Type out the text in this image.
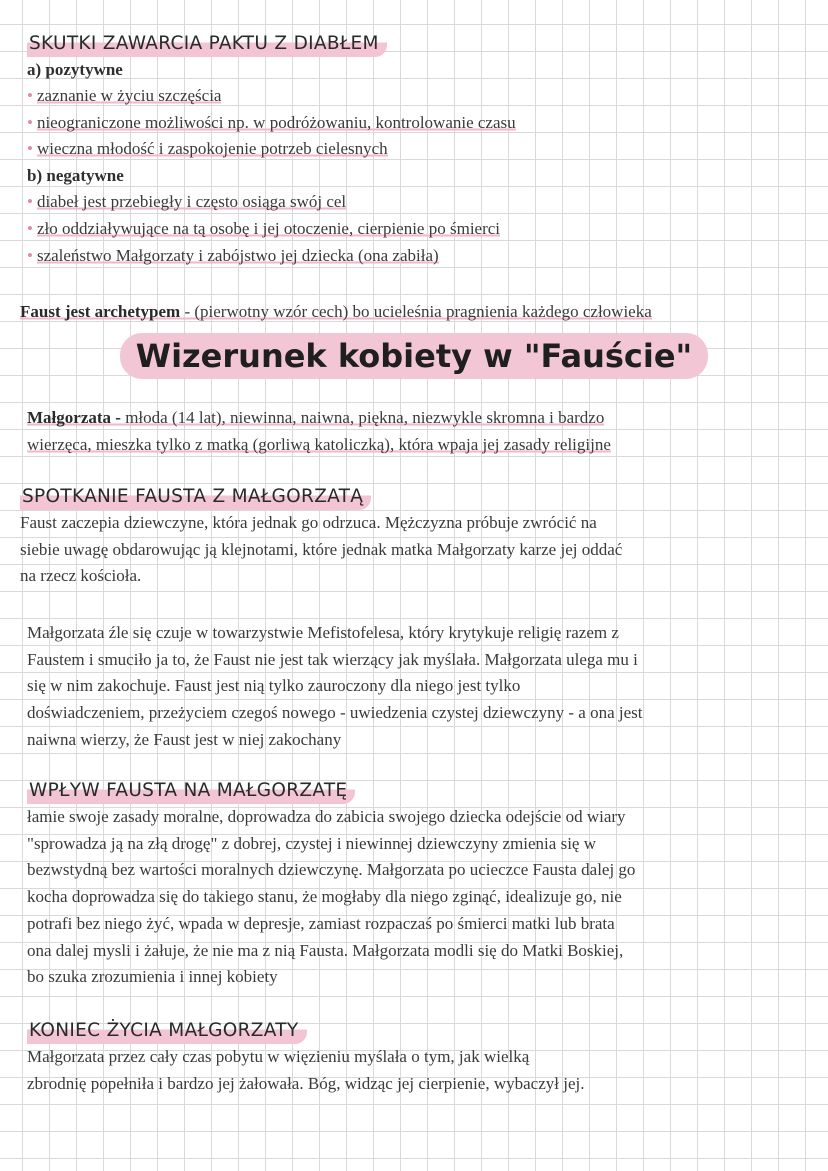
SKUTKI ZAWARCIA PAKTU Z DIABŁEM
a) pozytywne
• zaznanie w życiu szczęścia
• nieograniczone możliwości np. w podróżowaniu, kontrolowanie czasu
• wieczna młodość i zaspokojenie potrzeb cielesnych
b) negatywne
• diabeł jest przebiegły i często osiąga swój cel
• zło oddziaływujące na tą osobę i jej otoczenie, cierpienie po śmierci
• szaleństwo Małgorzaty i zabójstwo jej dziecka (ona zabiła)
Faust jest archetypem - (pierwotny wzór cech) bo ucieleśnia pragnienia każdego człowieka
Wizerunek kobiety w "Fauście"
Małgorzata - młoda (14 lat), niewinna, naiwna, piękna, niezwykle skromna i bardzo
wierzęca, mieszka tylko z matką (gorliwą katoliczką), która wpaja jej zasady religijne
SPOTKANIE FAUSTA Z MAŁGORZATĄ
Faust zaczepia dziewczyne, która jednak go odrzuca. Mężczyzna próbuje zwrócić na
siebie uwagę obdarowując ją klejnotami, które jednak matka Małgorzaty karze jej oddać
na rzecz kościoła.
Małgorzata źle się czuje w towarzystwie Mefistofelesa, który krytykuje religię razem z
Faustem i smuciło ja to, że Faust nie jest tak wierzący jak myślała. Małgorzata ulega mu i
się w nim zakochuje. Faust jest nią tylko zauroczony dla niego jest tylko
doświadczeniem, przeżyciem czegoś nowego - uwiedzenia czystej dziewczyny - a ona jest
naiwna wierzy, że Faust jest w niej zakochany
WPŁYW FAUSTA NA MAŁGORZATĘ
łamie swoje zasady moralne, doprowadza do zabicia swojego dziecka odejście od wiary
"sprowadza ją na złą drogę" z dobrej, czystej i niewinnej dziewczyny zmienia się w
bezwstydną bez wartości moralnych dziewczynę. Małgorzata po ucieczce Fausta dalej go
kocha doprowadza się do takiego stanu, że mogłaby dla niego zginąć, idealizuje go, nie
potrafi bez niego żyć, wpada w depresje, zamiast rozpaczaś po śmierci matki lub brata
ona dalej mysli i żałuje, że nie ma z nią Fausta. Małgorzata modli się do Matki Boskiej,
bo szuka zrozumienia i innej kobiety
KONIEC ŻYCIA MAŁGORZATY
Małgorzata przez cały czas pobytu w więzieniu myślała o tym, jak wielką
zbrodnię popełniła i bardzo jej żałowała. Bóg, widząc jej cierpienie, wybaczył jej.
